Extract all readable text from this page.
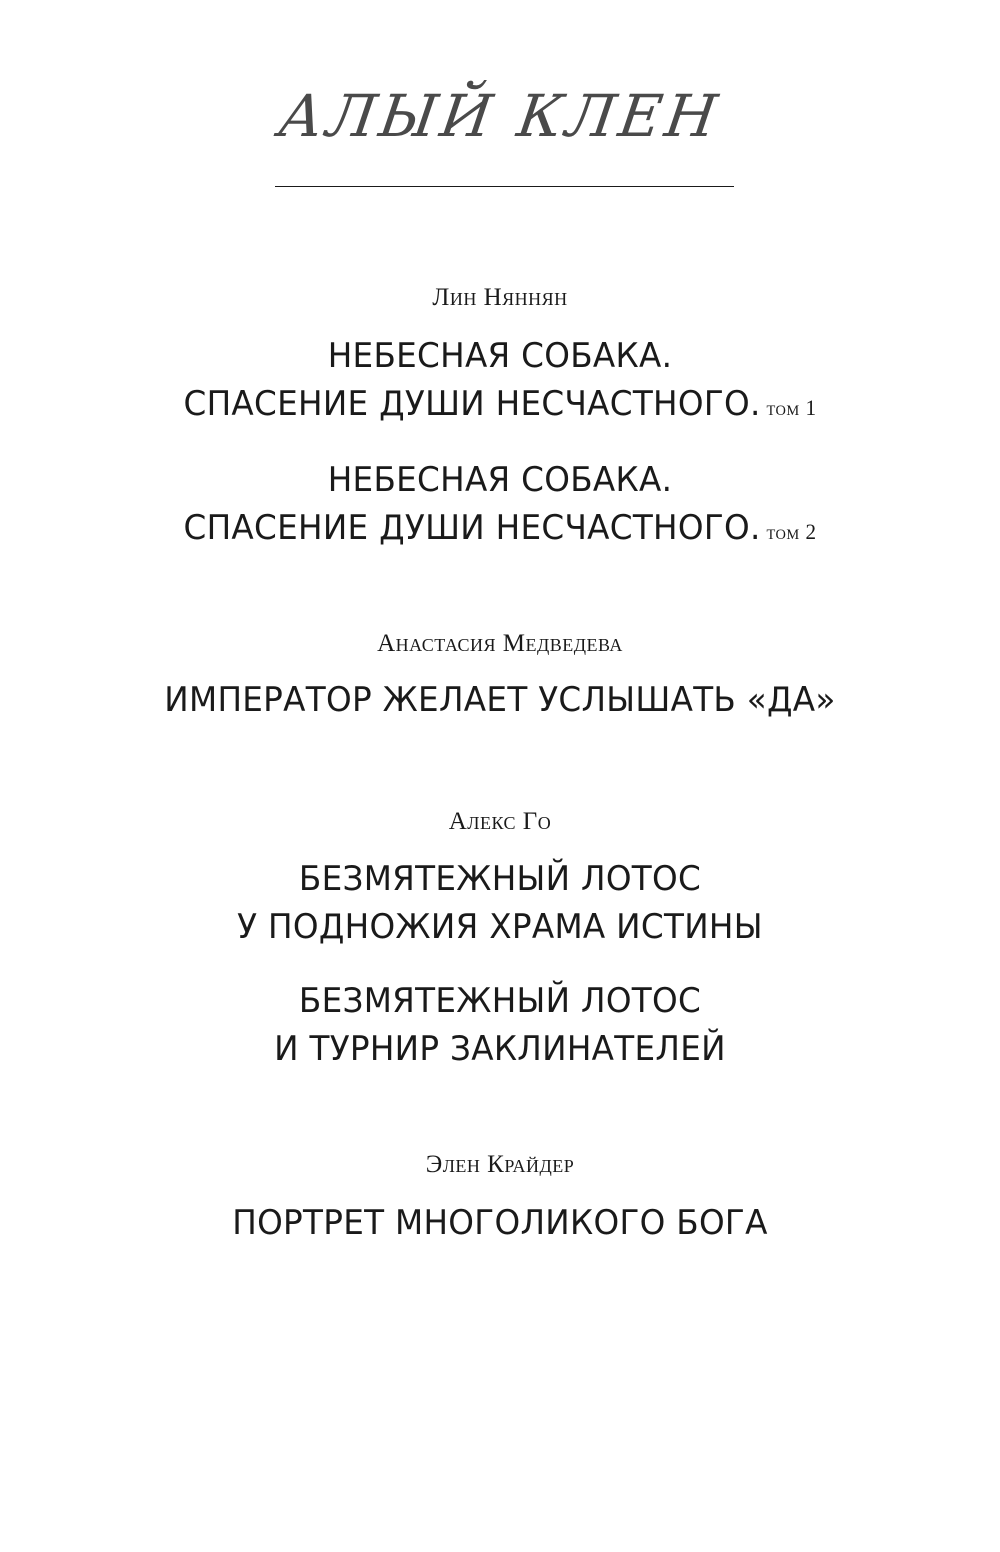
АЛЫЙ КЛЕН
Лин Няннян
НЕБЕСНАЯ СОБАКА.
СПАСЕНИЕ ДУШИ НЕСЧАСТНОГО. том 1
НЕБЕСНАЯ СОБАКА.
СПАСЕНИЕ ДУШИ НЕСЧАСТНОГО. том 2
Анастасия Медведева
ИМПЕРАТОР ЖЕЛАЕТ УСЛЫШАТЬ «ДА»
Алекс Го
БЕЗМЯТЕЖНЫЙ ЛОТОС
У ПОДНОЖИЯ ХРАМА ИСТИНЫ
БЕЗМЯТЕЖНЫЙ ЛОТОС
И ТУРНИР ЗАКЛИНАТЕЛЕЙ
Элен Крайдер
ПОРТРЕТ МНОГОЛИКОГО БОГА
